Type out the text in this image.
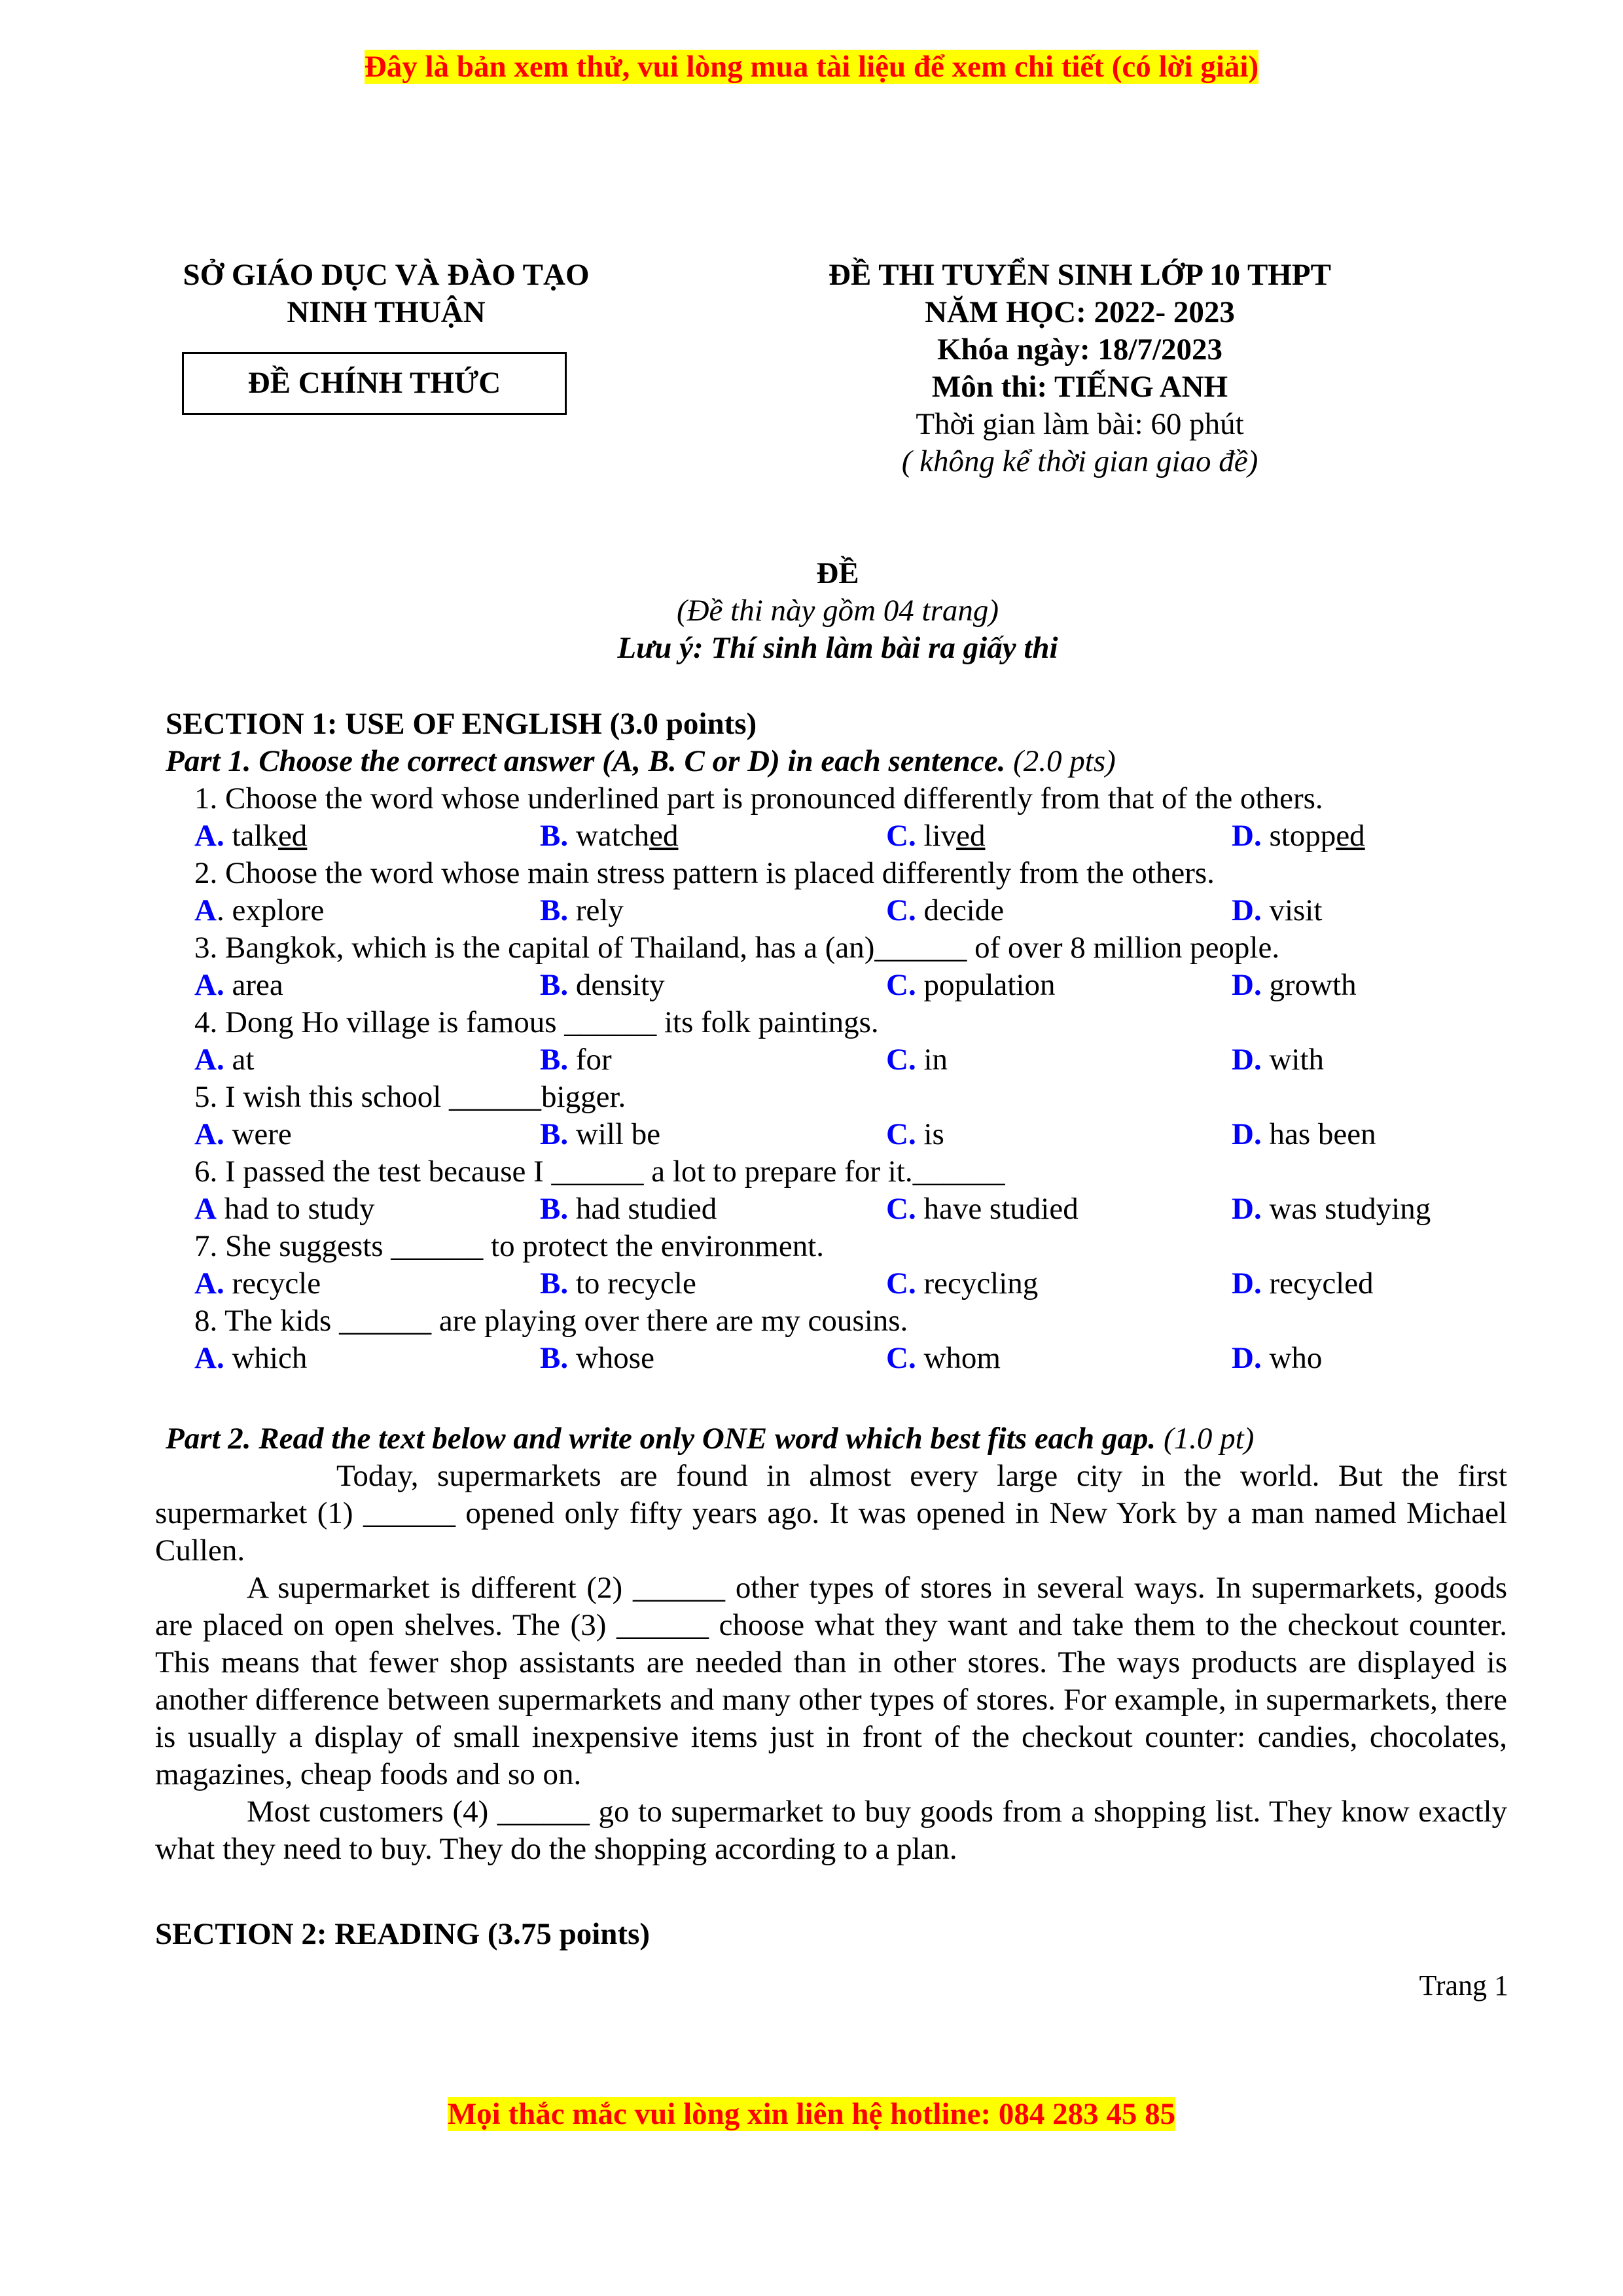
Đây là bản xem thử, vui lòng mua tài liệu để xem chi tiết (có lời giải)
SỞ GIÁO DỤC VÀ ĐÀO TẠO
NINH THUẬN
ĐỀ CHÍNH THỨC
ĐỀ THI TUYỂN SINH LỚP 10 THPT
NĂM HỌC: 2022- 2023
Khóa ngày: 18/7/2023
Môn thi: TIẾNG ANH
Thời gian làm bài: 60 phút
( không kể thời gian giao đề)
ĐỀ
(Đề thi này gồm 04 trang)
Lưu ý: Thí sinh làm bài ra giấy thi
SECTION 1: USE OF ENGLISH (3.0 points)
Part 1. Choose the correct answer (A, B. C or D) in each sentence. (2.0 pts)
1. Choose the word whose underlined part is pronounced differently from that of the others.
A. talked	B. watched	C. lived	D. stopped
2. Choose the word whose main stress pattern is placed differently from the others.
A. explore	B. rely	C. decide	D. visit
3. Bangkok, which is the capital of Thailand, has a (an)______ of over 8 million people.
A. area	B. density	C. population	D. growth
4. Dong Ho village is famous ______ its folk paintings.
A. at	B. for	C. in	D. with
5. I wish this school ______bigger.
A. were	B. will be	C. is	D. has been
6. I passed the test because I ______ a lot to prepare for it.______
A had to study	B. had studied	C. have studied	D. was studying
7. She suggests ______ to protect the environment.
A. recycle	B. to recycle	C. recycling	D. recycled
8. The kids ______ are playing over there are my cousins.
A. which	B. whose	C. whom	D. who
Part 2. Read the text below and write only ONE word which best fits each gap. (1.0 pt)

Today, supermarkets are found in almost every large city in the world. But the first supermarket (1) ______ opened only fifty years ago. It was opened in New York by a man named Michael Cullen.

A supermarket is different (2) ______ other types of stores in several ways. In supermarkets, goods are placed on open shelves. The (3) ______ choose what they want and take them to the checkout counter. This means that fewer shop assistants are needed than in other stores. The ways products are displayed is another difference between supermarkets and many other types of stores. For example, in supermarkets, there is usually a display of small inexpensive items just in front of the checkout counter: candies, chocolates, magazines, cheap foods and so on.

Most customers (4) ______ go to supermarket to buy goods from a shopping list. They know exactly what they need to buy. They do the shopping according to a plan.

SECTION 2: READING (3.75 points)
Trang 1
Mọi thắc mắc vui lòng xin liên hệ hotline: 084 283 45 85
